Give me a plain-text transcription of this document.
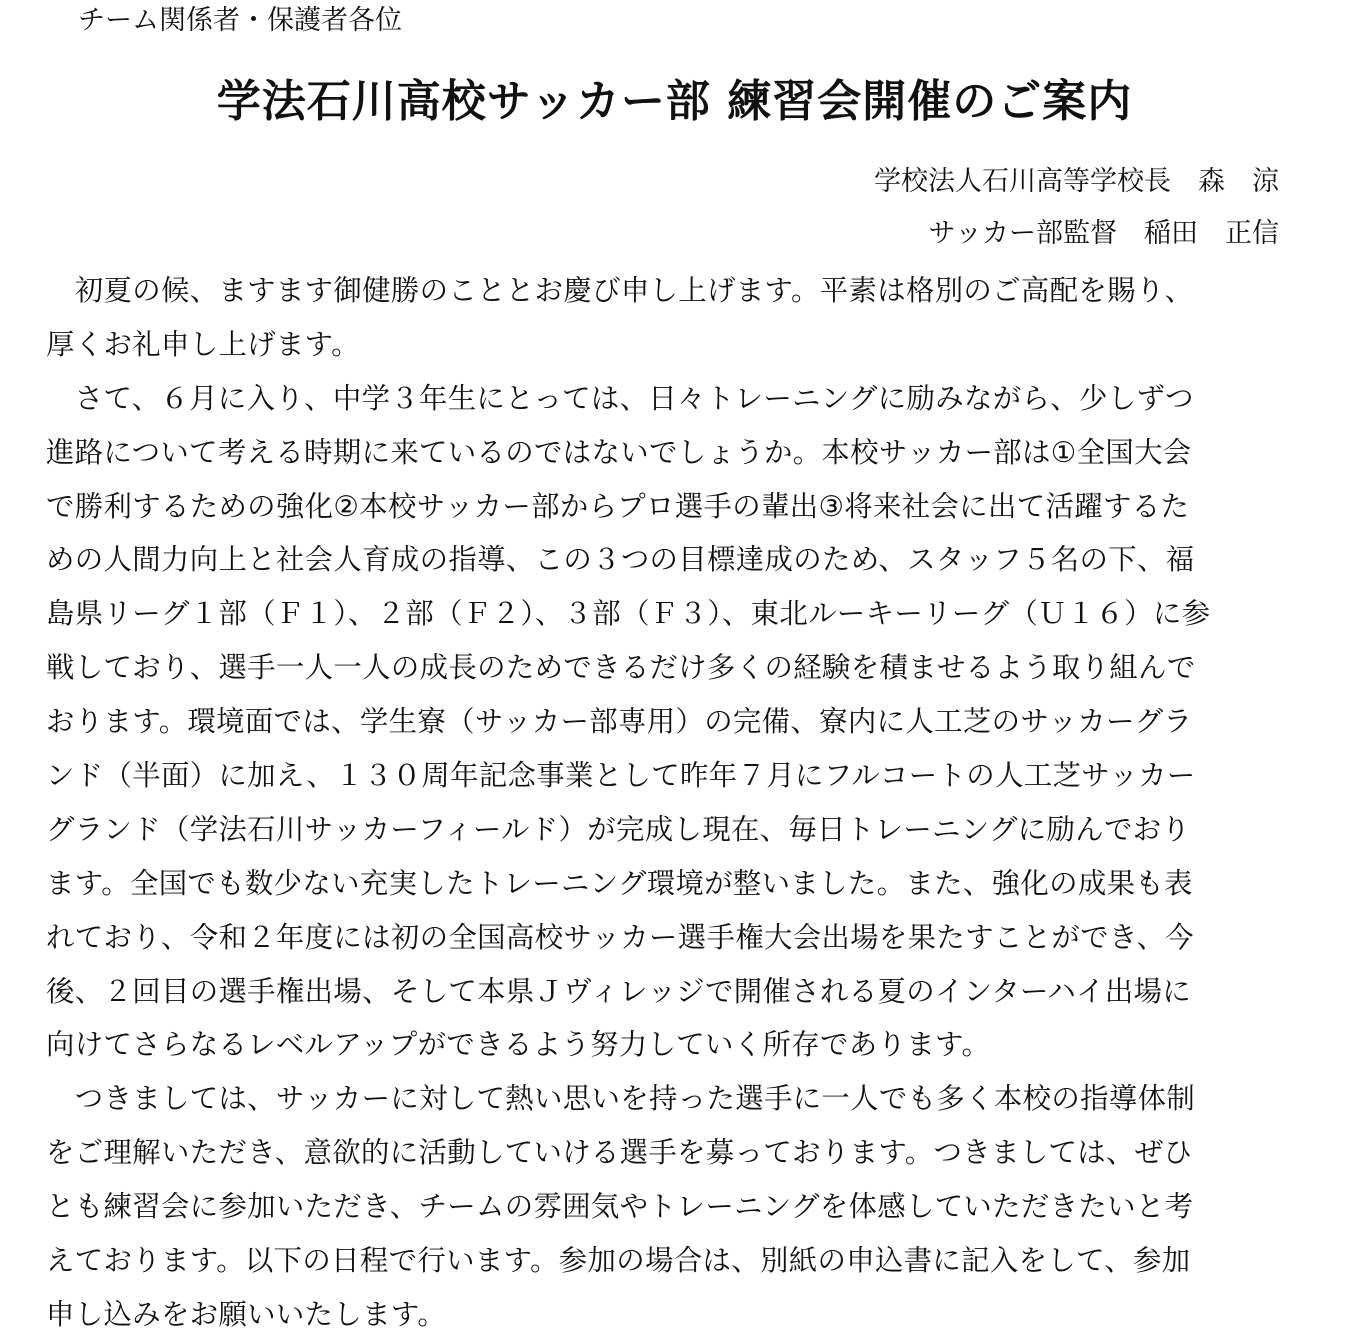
チーム関係者・保護者各位
学法石川高校サッカー部 練習会開催のご案内
学校法人石川高等学校長　森　涼
サッカー部監督　稲田　正信
　初夏の候、ますます御健勝のこととお慶び申し上げます。平素は格別のご高配を賜り、
厚くお礼申し上げます。
　さて、６月に入り、中学３年生にとっては、日々トレーニングに励みながら、少しずつ
進路について考える時期に来ているのではないでしょうか。本校サッカー部は①全国大会
で勝利するための強化②本校サッカー部からプロ選手の輩出③将来社会に出て活躍するた
めの人間力向上と社会人育成の指導、この３つの目標達成のため、スタッフ５名の下、福
島県リーグ１部（Ｆ１）、２部（Ｆ２）、３部（Ｆ３）、東北ルーキーリーグ（Ｕ１６）に参
戦しており、選手一人一人の成長のためできるだけ多くの経験を積ませるよう取り組んで
おります。環境面では、学生寮（サッカー部専用）の完備、寮内に人工芝のサッカーグラ
ンド（半面）に加え、１３０周年記念事業として昨年７月にフルコートの人工芝サッカー
グランド（学法石川サッカーフィールド）が完成し現在、毎日トレーニングに励んでおり
ます。全国でも数少ない充実したトレーニング環境が整いました。また、強化の成果も表
れており、令和２年度には初の全国高校サッカー選手権大会出場を果たすことができ、今
後、２回目の選手権出場、そして本県Ｊヴィレッジで開催される夏のインターハイ出場に
向けてさらなるレベルアップができるよう努力していく所存であります。
　つきましては、サッカーに対して熱い思いを持った選手に一人でも多く本校の指導体制
をご理解いただき、意欲的に活動していける選手を募っております。つきましては、ぜひ
とも練習会に参加いただき、チームの雰囲気やトレーニングを体感していただきたいと考
えております。以下の日程で行います。参加の場合は、別紙の申込書に記入をして、参加
申し込みをお願いいたします。
